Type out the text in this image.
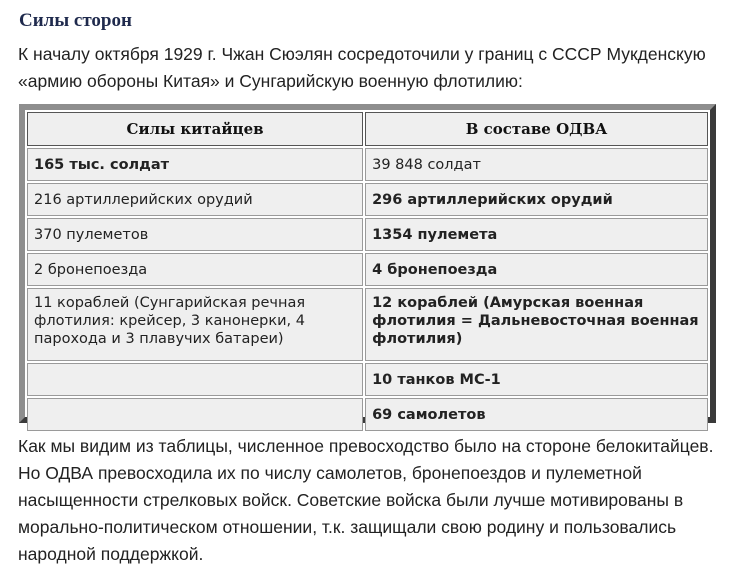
Силы сторон

К началу октября 1929 г. Чжан Сюэлян сосредоточили у границ с СССР Мукденскую «армию обороны Китая» и Сунгарийскую военную флотилию:

Силы китайцев	В составе ОДВА
165 тыс. солдат	39 848 солдат
216 артиллерийских орудий	296 артиллерийских орудий
370 пулеметов	1354 пулемета
2 бронепоезда	4 бронепоезда
11 кораблей (Сунгарийская речная флотилия: крейсер, 3 канонерки, 4 парохода и 3 плавучих батареи)	12 кораблей (Амурская военная флотилия = Дальневосточная военная флотилия)
	10 танков МС-1
	69 самолетов

Как мы видим из таблицы, численное превосходство было на стороне белокитайцев. Но ОДВА превосходила их по числу самолетов, бронепоездов и пулеметной насыщенности стрелковых войск. Советские войска были лучше мотивированы в морально-политическом отношении, т.к. защищали свою родину и пользовались народной поддержкой.
